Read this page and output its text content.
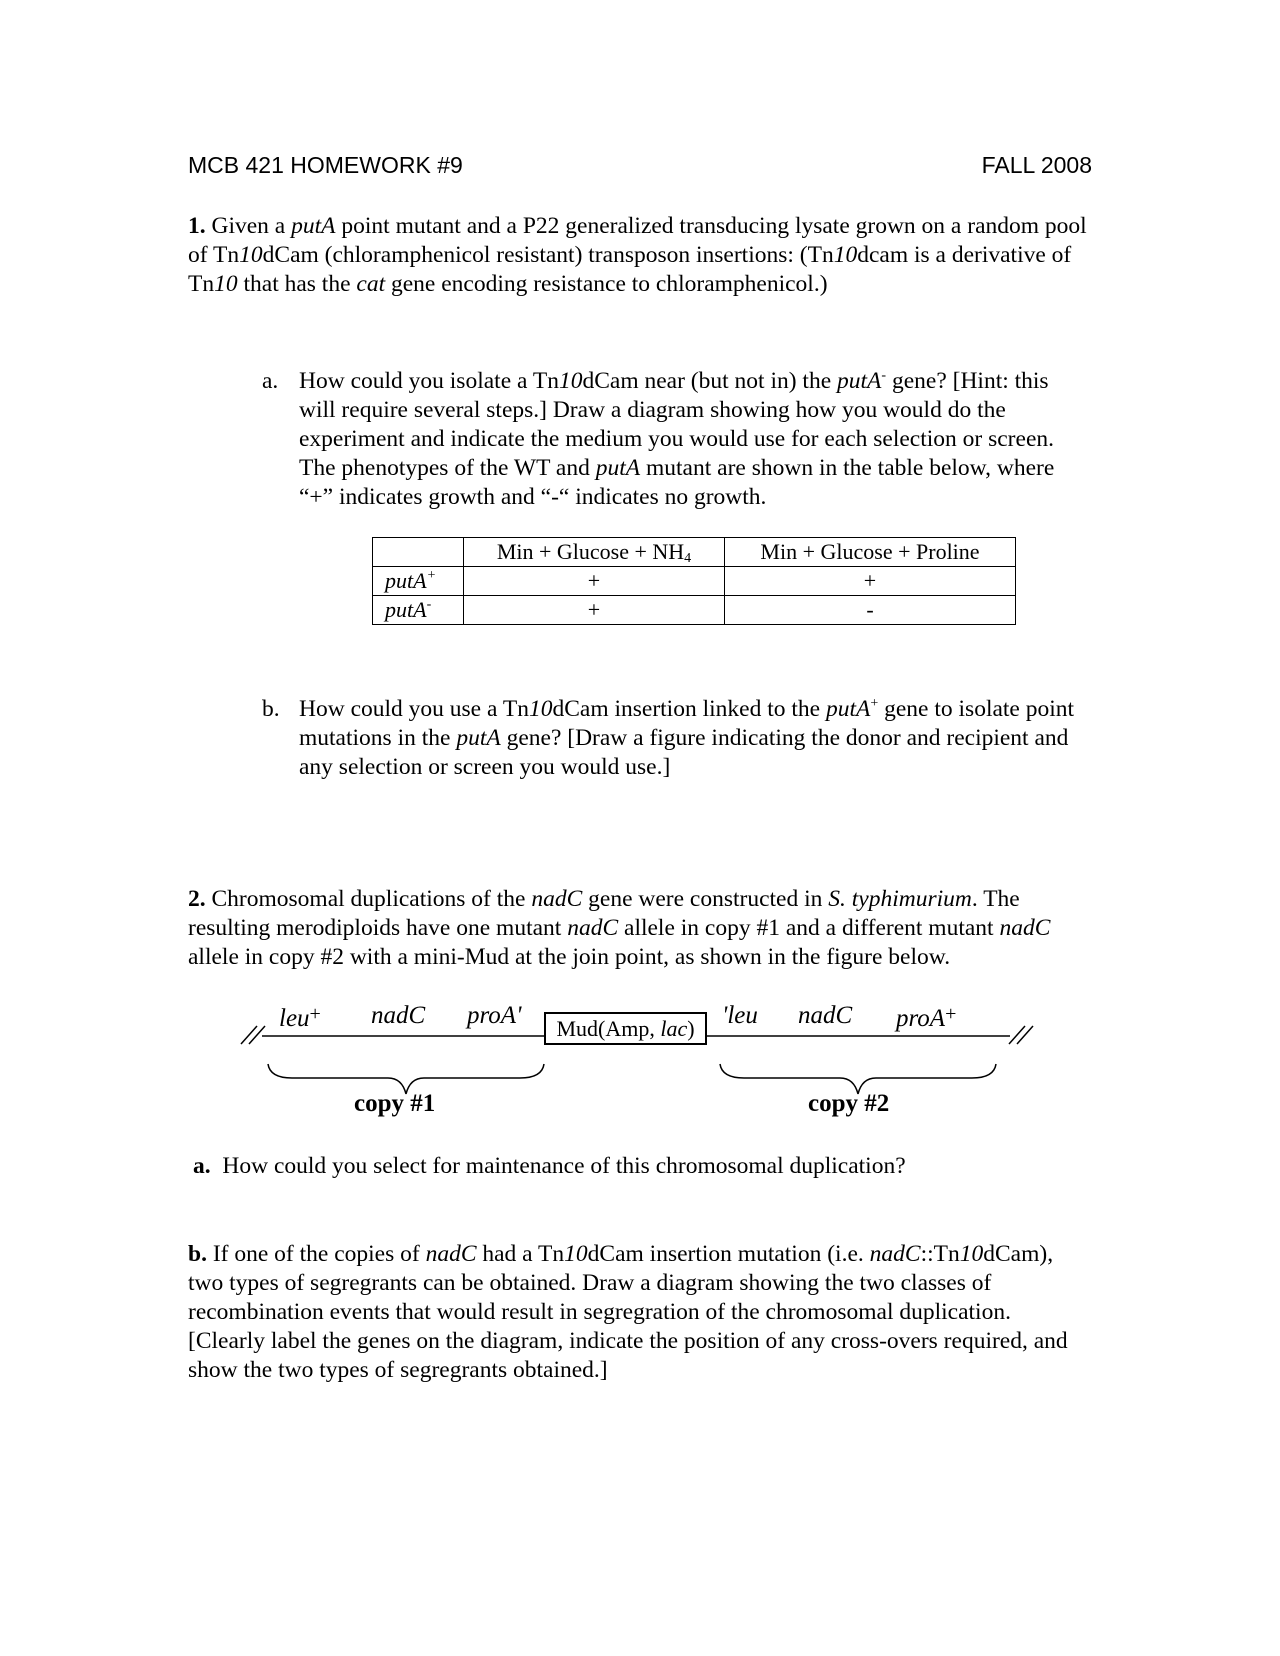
MCB 421 HOMEWORK #9	FALL 2008

1. Given a putA point mutant and a P22 generalized transducing lysate grown on a random pool of Tn10dCam (chloramphenicol resistant) transposon insertions: (Tn10dcam is a derivative of Tn10 that has the cat gene encoding resistance to chloramphenicol.)

a. How could you isolate a Tn10dCam near (but not in) the putA- gene? [Hint: this will require several steps.] Draw a diagram showing how you would do the experiment and indicate the medium you would use for each selection or screen. The phenotypes of the WT and putA mutant are shown in the table below, where “+” indicates growth and “-“ indicates no growth.

	Min + $Glucose + NH_4$	Min + Glucose + Proline
putA+	+	+
putA-	+	-
b. How could you use a Tn10dCam insertion linked to the putA+ gene to isolate point mutations in the putA gene? [Draw a figure indicating the donor and recipient and any selection or screen you would use.]

2. Chromosomal duplications of the nadC gene were constructed in S. typhimurium. The resulting merodiploids have one mutant nadC allele in copy #1 and a different mutant nadC allele in copy #2 with a mini-Mud at the join point, as shown in the figure below.

leu+ nadC proA'	Mud(Amp, lac)	'leu nadC proA+
copy #1	copy #2

a.  How could you select for maintenance of this chromosomal duplication?

b. If one of the copies of nadC had a Tn10dCam insertion mutation (i.e. nadC::Tn10dCam), two types of segregrants can be obtained. Draw a diagram showing the two classes of recombination events that would result in segregration of the chromosomal duplication. [Clearly label the genes on the diagram, indicate the position of any cross-overs required, and show the two types of segregrants obtained.]
